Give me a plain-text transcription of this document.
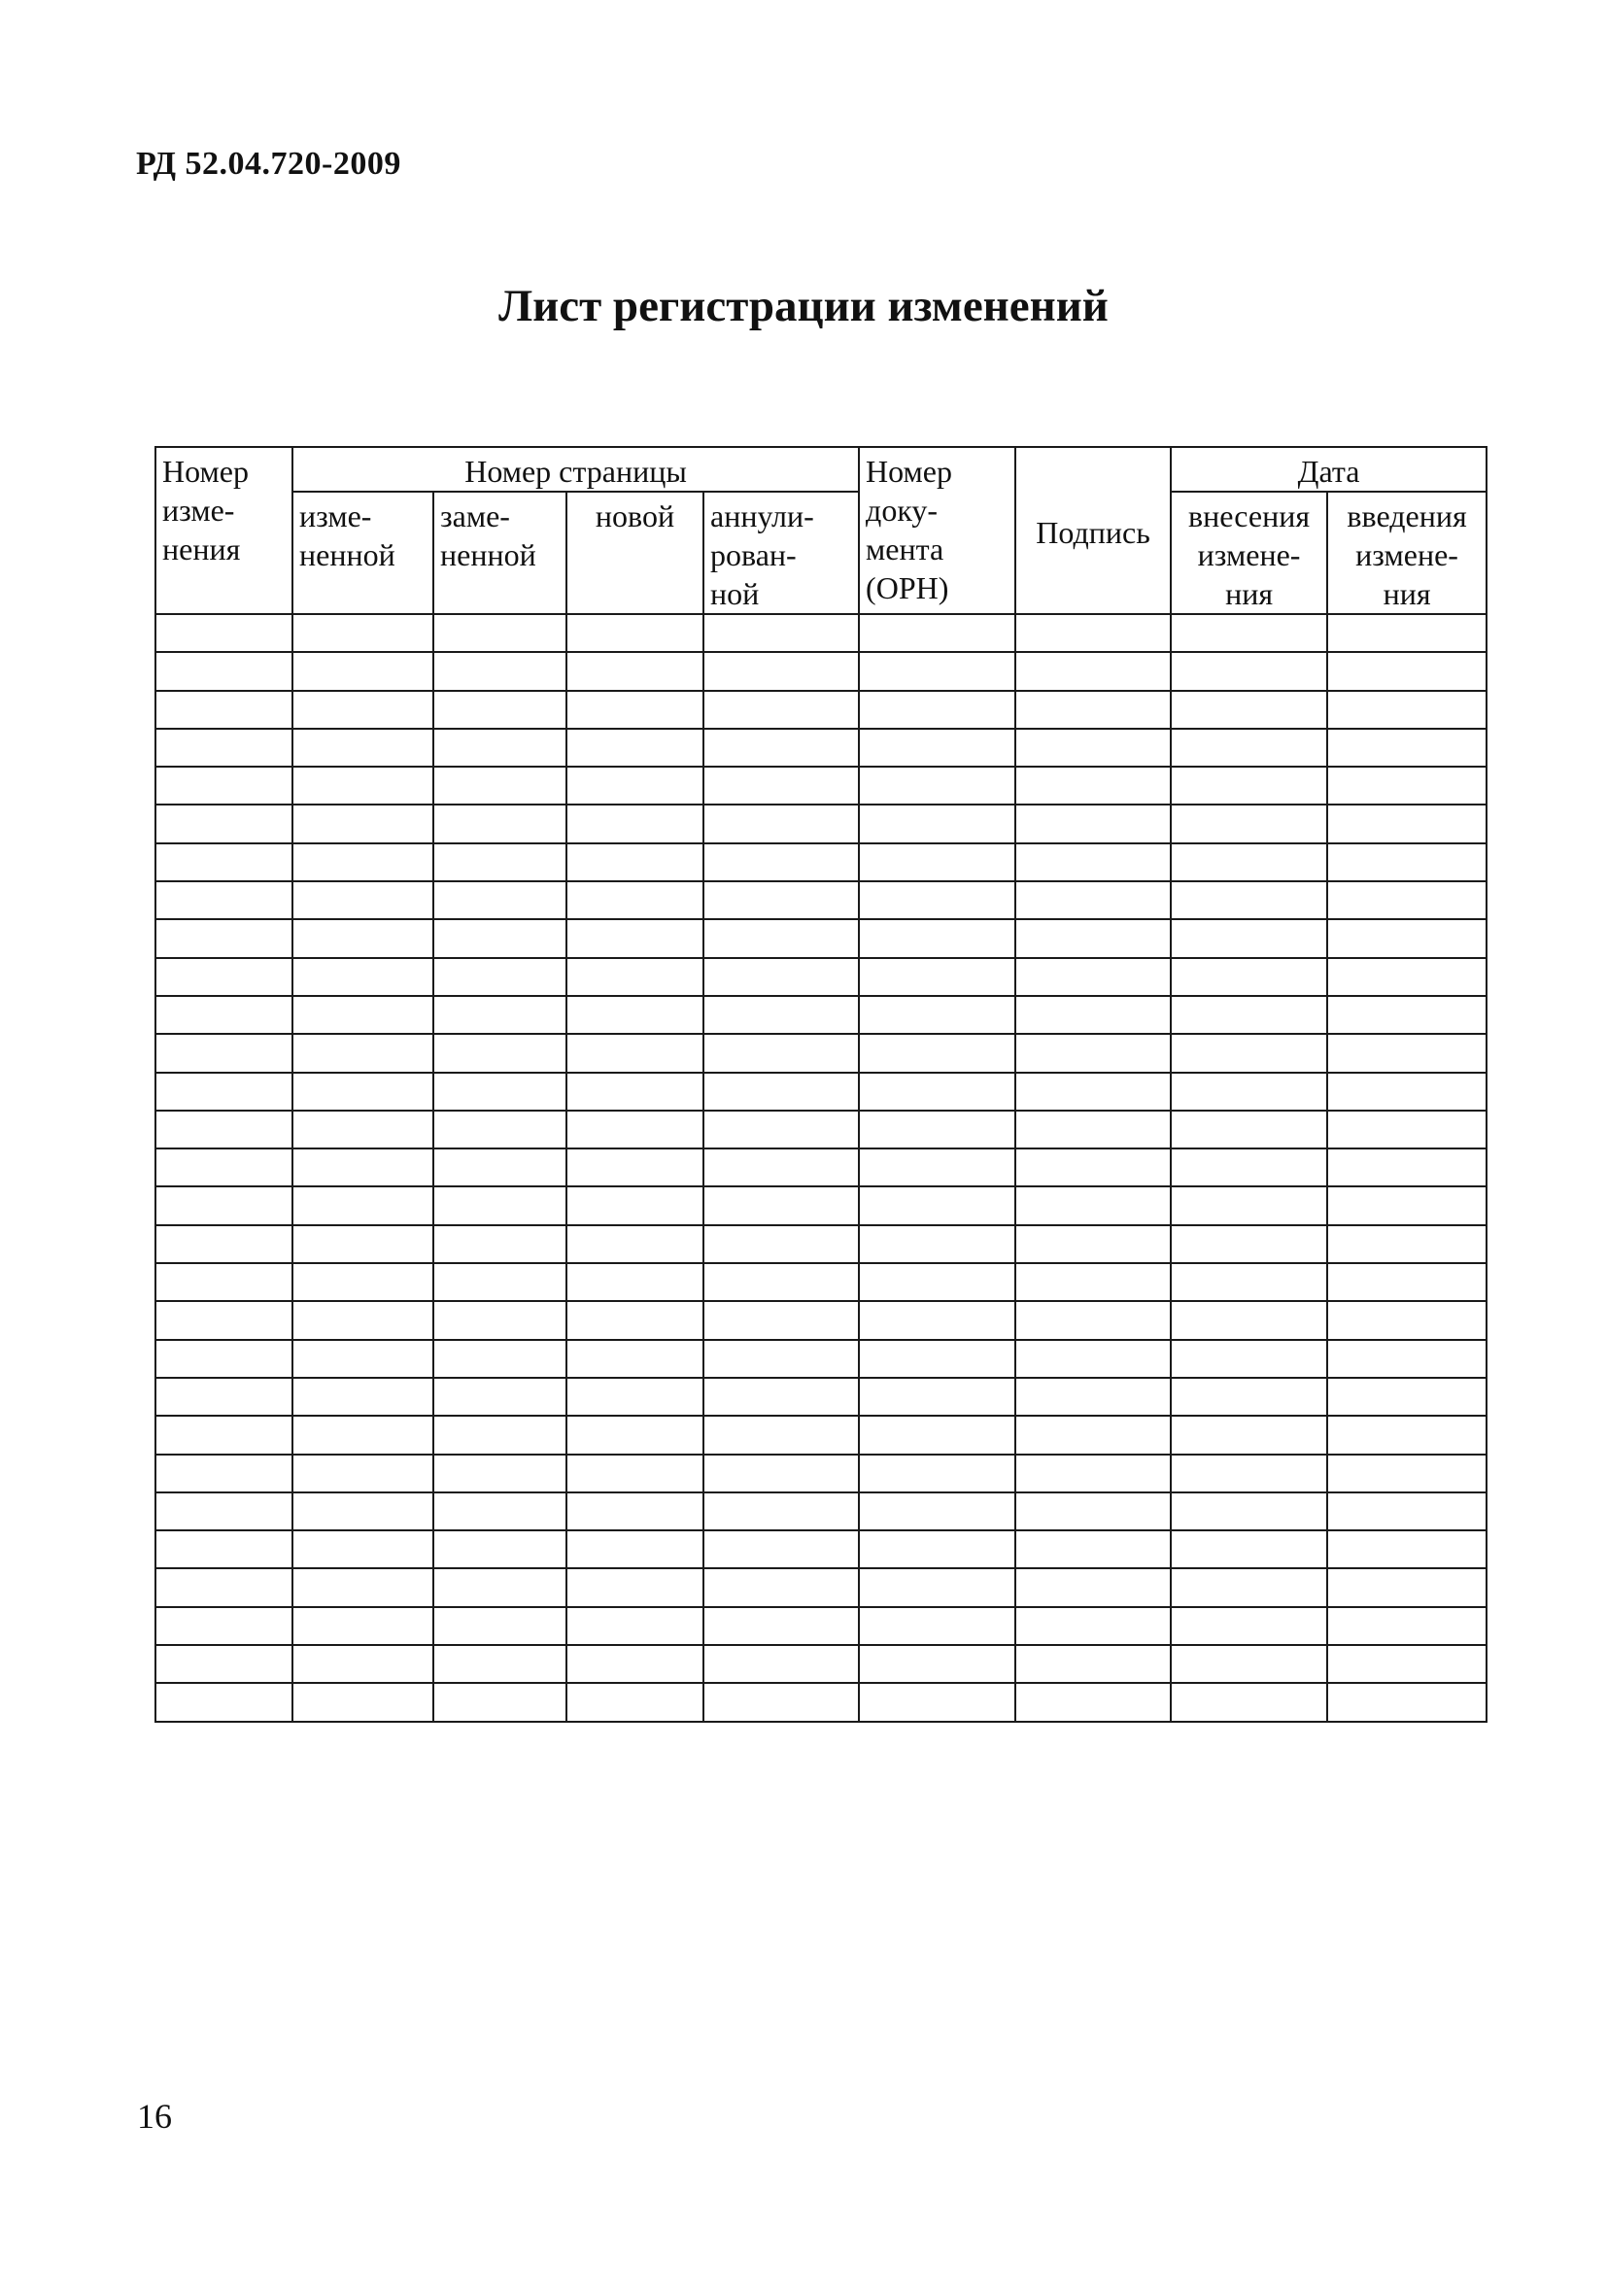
РД 52.04.720-2009
Лист регистрации изменений
Номер изме- нения	Номер страницы				Номер доку- мента (ОРН)	Подпись	Дата	

	изме- ненной	заме- ненной	новой	аннули- рован- ной			внесения измене- ния	введения измене- ния

16
